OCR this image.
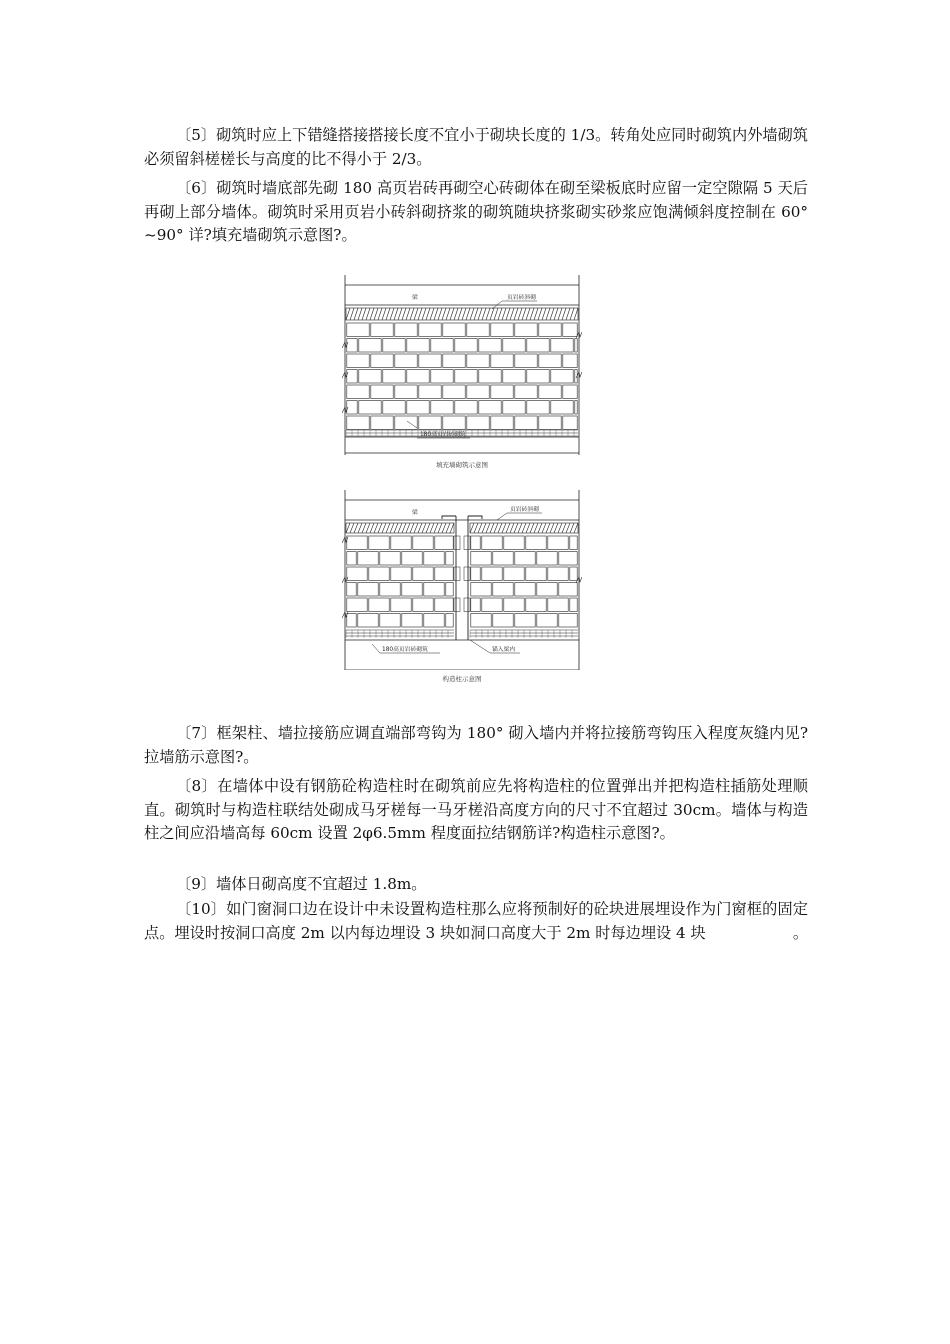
〔5〕砌筑时应上下错缝搭接搭接长度不宜小于砌块长度的 1/3。转角处应同时砌筑内外墙砌筑必须留斜槎槎长与高度的比不得小于 2/3。

〔6〕砌筑时墙底部先砌 180 高页岩砖再砌空心砖砌体在砌至梁板底时应留一定空隙隔 5 天后再砌上部分墙体。砌筑时采用页岩小砖斜砌挤浆的砌筑随块挤浆砌实砂浆应饱满倾斜度控制在 60° ~90° 详?填充墙砌筑示意图?。

梁	页岩砖斜砌
180高页岩砖砌筑
填充墙砌筑示意图
梁	页岩砖斜砌
180高页岩砖砌筑	锚入梁内
构造柱示意图

〔7〕框架柱、墙拉接筋应调直端部弯钩为 180° 砌入墙内并将拉接筋弯钩压入程度灰缝内见?拉墙筋示意图?。

〔8〕在墙体中设有钢筋砼构造柱时在砌筑前应先将构造柱的位置弹出并把构造柱插筋处理顺直。砌筑时与构造柱联结处砌成马牙槎每一马牙槎沿高度方向的尺寸不宜超过 30cm。墙体与构造柱之间应沿墙高每 60cm 设置 2φ6.5mm 程度面拉结钢筋详?构造柱示意图?。

〔9〕墙体日砌高度不宜超过 1.8m。

〔10〕如门窗洞口边在设计中未设置构造柱那么应将预制好的砼块进展埋设作为门窗框的固定点。埋设时按洞口高度 2m 以内每边埋设 3 块如洞口高度大于 2m 时每边埋设 4 块	。
